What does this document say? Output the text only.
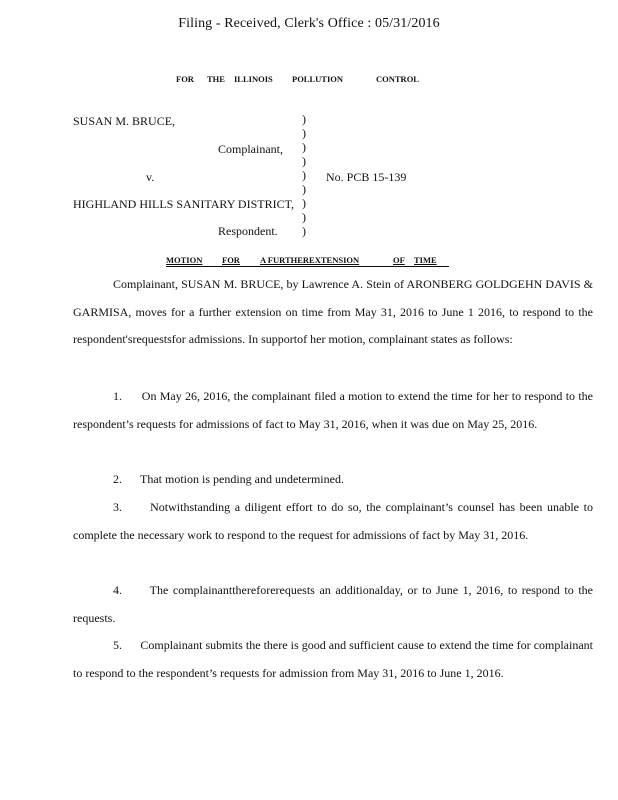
Filing - Received, Clerk's Office : 05/31/2016
FOR THE ILLINOIS POLLUTION	CONTROL
SUSAN M. BRUCE,
Complainant,
v.	No. PCB 15-139
HIGHLAND HILLS SANITARY DISTRICT,
Respondent.
)
)
)
)
)
)
)
)
)
MOTION FOR A FURTHEREXTENSION	OF TIME
Complainant, SUSAN M. BRUCE, by Lawrence A. Stein of ARONBERG GOLDGEHN DAVIS & GARMISA, moves for a further extension on time from May 31, 2016 to June 1 2016, to respond to the respondent'srequestsfor admissions. In supportof her motion, complainant states as follows:
1. On May 26, 2016, the complainant filed a motion to extend the time for her to respond to the respondent’s requests for admissions of fact to May 31, 2016, when it was due on May 25, 2016.
2. That motion is pending and undetermined.
3. Notwithstanding a diligent effort to do so, the complainant’s counsel has been unable to complete the necessary work to respond to the request for admissions of fact by May 31, 2016.
4. The complainantthereforerequests an additionalday, or to June 1, 2016, to respond to the requests.
5. Complainant submits the there is good and sufficient cause to extend the time for complainant to respond to the respondent’s requests for admission from May 31, 2016 to June 1, 2016.
